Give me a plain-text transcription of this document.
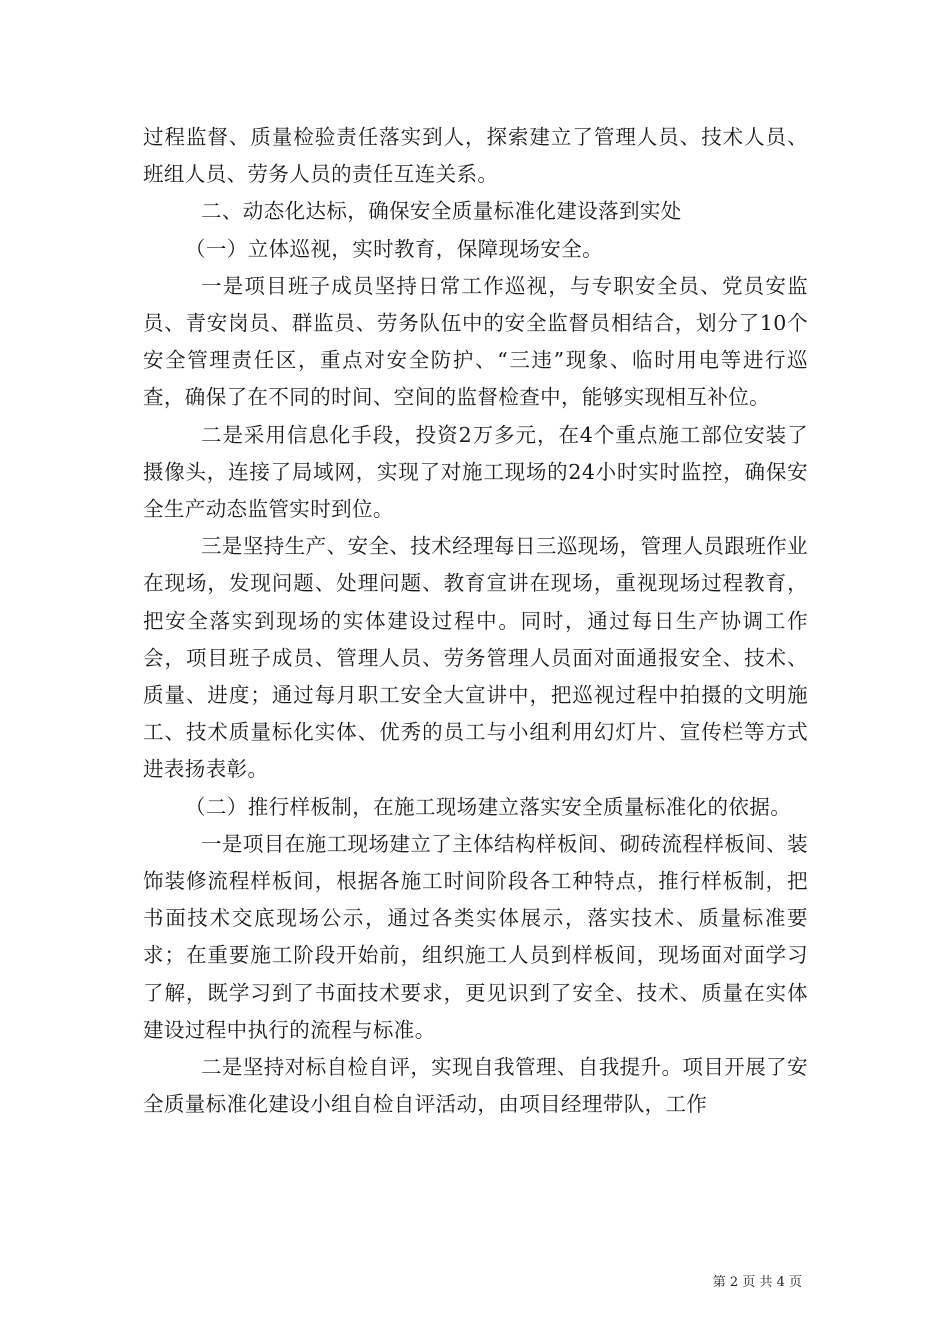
过程监督、质量检验责任落实到人，探索建立了管理人员、技术人员、班组人员、劳务人员的责任互连关系。

二、动态化达标，确保安全质量标准化建设落到实处

（一）立体巡视，实时教育，保障现场安全。

一是项目班子成员坚持日常工作巡视，与专职安全员、党员安监员、青安岗员、群监员、劳务队伍中的安全监督员相结合，划分了10个安全管理责任区，重点对安全防护、“三违”现象、临时用电等进行巡查，确保了在不同的时间、空间的监督检查中，能够实现相互补位。

二是采用信息化手段，投资2万多元，在4个重点施工部位安装了摄像头，连接了局域网，实现了对施工现场的24小时实时监控，确保安全生产动态监管实时到位。

三是坚持生产、安全、技术经理每日三巡现场，管理人员跟班作业在现场，发现问题、处理问题、教育宣讲在现场，重视现场过程教育，把安全落实到现场的实体建设过程中。同时，通过每日生产协调工作会，项目班子成员、管理人员、劳务管理人员面对面通报安全、技术、质量、进度；通过每月职工安全大宣讲中，把巡视过程中拍摄的文明施工、技术质量标化实体、优秀的员工与小组利用幻灯片、宣传栏等方式进表扬表彰。

（二）推行样板制，在施工现场建立落实安全质量标准化的依据。

一是项目在施工现场建立了主体结构样板间、砌砖流程样板间、装饰装修流程样板间，根据各施工时间阶段各工种特点，推行样板制，把书面技术交底现场公示，通过各类实体展示，落实技术、质量标准要求；在重要施工阶段开始前，组织施工人员到样板间，现场面对面学习了解，既学习到了书面技术要求，更见识到了安全、技术、质量在实体建设过程中执行的流程与标准。

二是坚持对标自检自评，实现自我管理、自我提升。项目开展了安全质量标准化建设小组自检自评活动，由项目经理带队，工作

第 2 页 共 4 页
